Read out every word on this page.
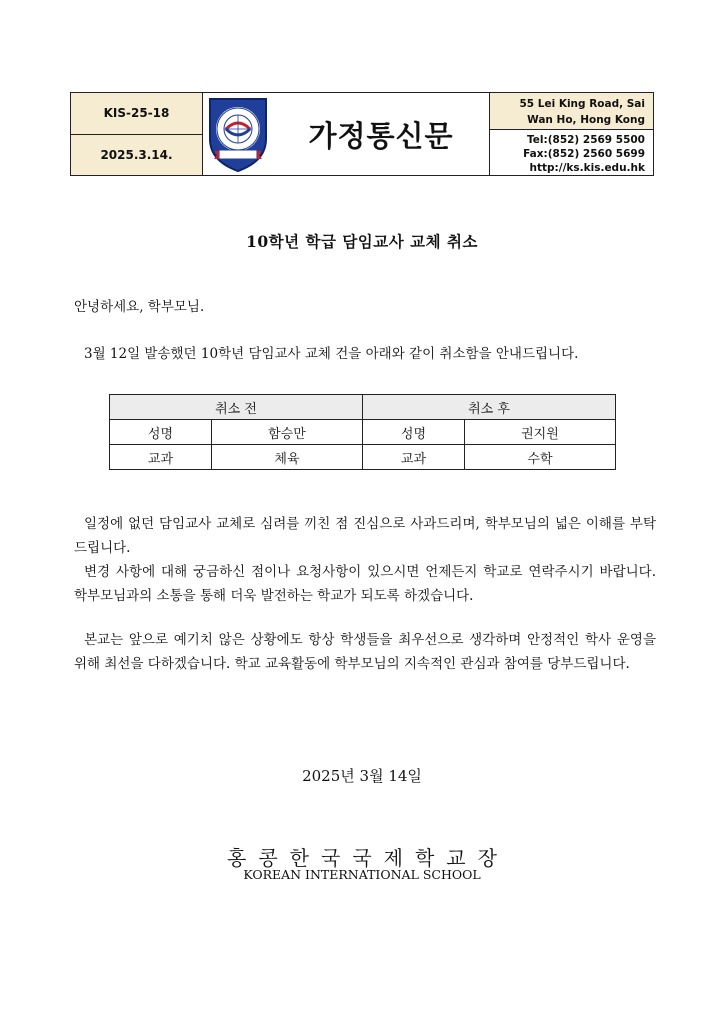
KIS-25-18
2025.3.14.
가정통신문
55 Lei King Road, Sai
Wan Ho, Hong Kong
Tel:(852) 2569 5500
Fax:(852) 2560 5699
http://ks.kis.edu.hk
10학년 학급 담임교사 교체 취소
안녕하세요, 학부모님.
3월 12일 발송했던 10학년 담임교사 교체 건을 아래와 같이 취소함을 안내드립니다.
취소 전		취소 후	
성명	함승만	성명	권지원
교과	체육	교과	수학
일정에 없던 담임교사 교체로 심려를 끼친 점 진심으로 사과드리며, 학부모님의 넓은 이해를 부탁드립니다.
변경 사항에 대해 궁금하신 점이나 요청사항이 있으시면 언제든지 학교로 연락주시기 바랍니다. 학부모님과의 소통을 통해 더욱 발전하는 학교가 되도록 하겠습니다.
본교는 앞으로 예기치 않은 상황에도 항상 학생들을 최우선으로 생각하며 안정적인 학사 운영을 위해 최선을 다하겠습니다. 학교 교육활동에 학부모님의 지속적인 관심과 참여를 당부드립니다.
2025년 3월 14일
홍콩한국국제학교장
KOREAN INTERNATIONAL SCHOOL
